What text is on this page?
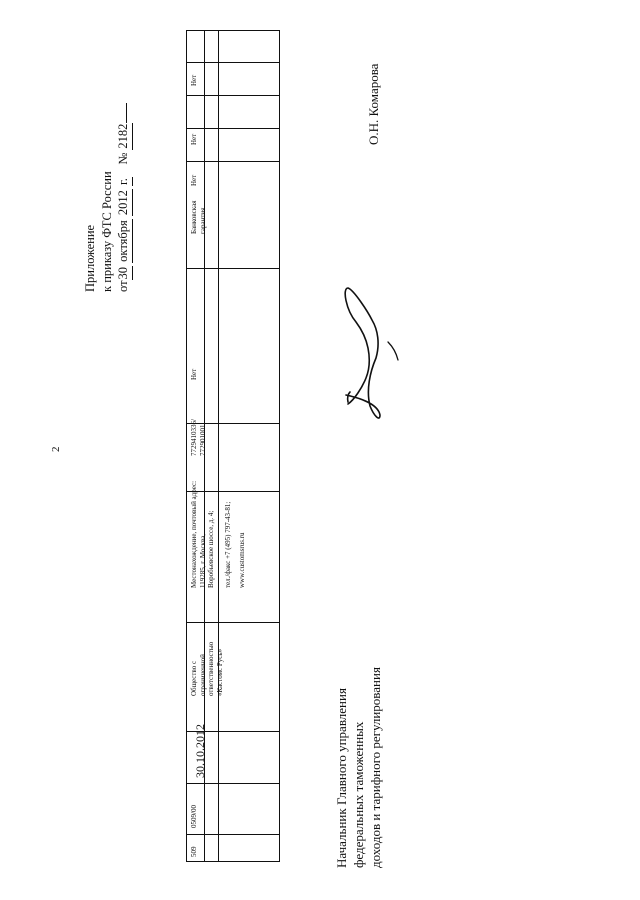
2
Приложение к приказу ФТС России от30 октября 2012 г.    № 2182
509
0509/00
30.10.2012
Общество с ограниченной ответственностью «Кастомс Русь»
Местонахождение, почтовый адрес: 119285, г. Москва, Воробьевское шоссе, д. 4; тел./факс +7 (495) 797-43-81; www.customsrus.ru
7729410336/ 772901001
Нет
Банковская гарантия
Нет
Нет
Нет
Начальник Главного управления федеральных таможенных доходов и тарифного регулирования
О.Н. Комарова
